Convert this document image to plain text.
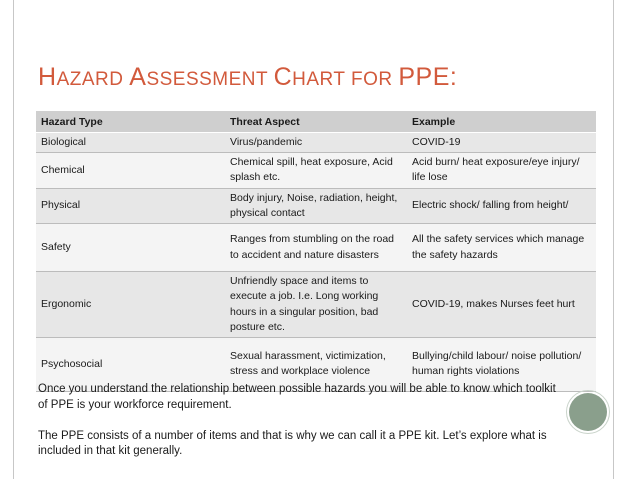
HAZARD ASSESSMENT CHART FOR PPE:
Hazard Type	Threat Aspect	Example
Biological	Virus/pandemic	COVID-19
Chemical	Chemical spill, heat exposure, Acid splash etc.	Acid burn/ heat exposure/eye injury/ life lose
Physical	Body injury, Noise, radiation, height, physical contact	Electric shock/ falling from height/
Safety	Ranges from stumbling on the road to accident and nature disasters	All the safety services which manage the safety hazards
Ergonomic	Unfriendly space and items to execute a job. I.e. Long working hours in a singular position, bad posture etc.	COVID-19, makes Nurses feet hurt
Psychosocial	Sexual harassment, victimization, stress and workplace violence	Bullying/child labour/ noise pollution/ human rights violations

Once you understand the relationship between possible hazards you will be able to know which toolkit of PPE is your workforce requirement.

The PPE consists of a number of items and that is why we can call it a PPE kit. Let’s explore what is included in that kit generally.
